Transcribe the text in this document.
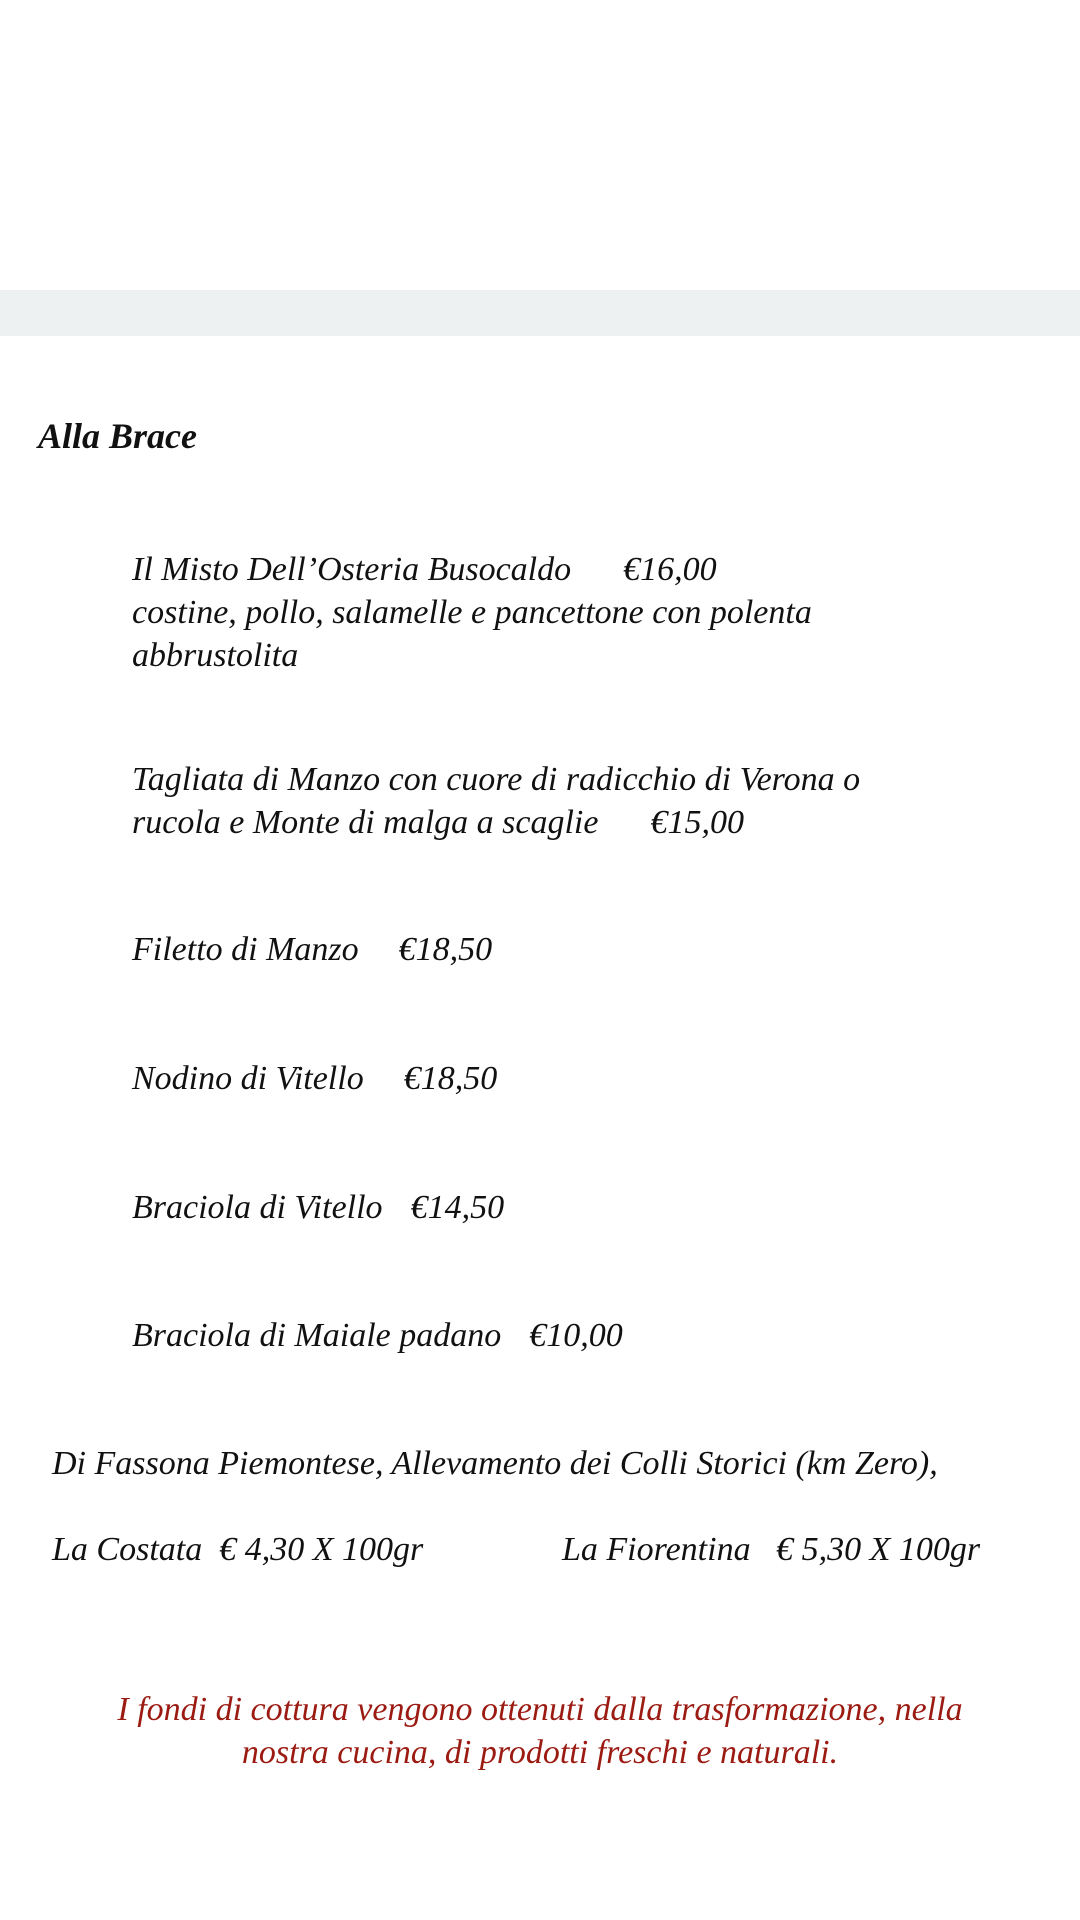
Alla Brace
Il Misto Dell’Osteria Busocaldo €16,00
costine, pollo, salamelle e pancettone con polenta
abbrustolita
Tagliata di Manzo con cuore di radicchio di Verona o
rucola e Monte di malga a scaglie €15,00
Filetto di Manzo €18,50
Nodino di Vitello €18,50
Braciola di Vitello €14,50
Braciola di Maiale padano €10,00
Di Fassona Piemontese, Allevamento dei Colli Storici (km Zero),
La Costata € 4,30 X 100gr	La Fiorentina € 5,30 X 100gr
I fondi di cottura vengono ottenuti dalla trasformazione, nella
nostra cucina, di prodotti freschi e naturali.
